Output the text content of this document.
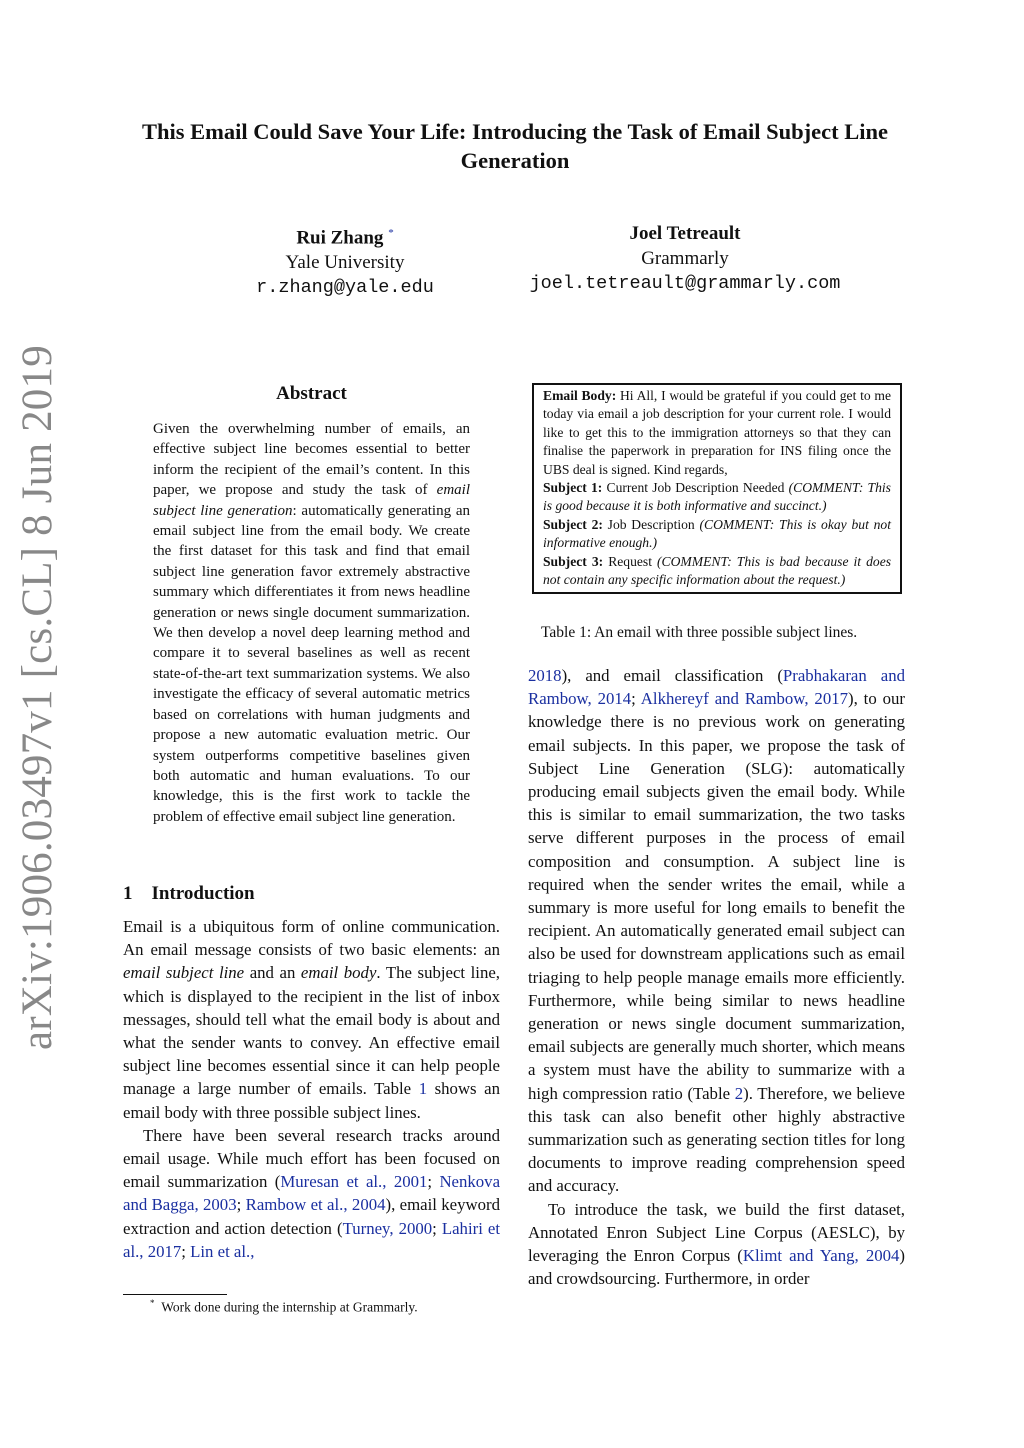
arXiv:1906.03497v1 [cs.CL] 8 Jun 2019
This Email Could Save Your Life: Introducing the Task of Email Subject Line Generation
Rui Zhang *
Yale University
r.zhang@yale.edu
Joel Tetreault
Grammarly
joel.tetreault@grammarly.com
Abstract
Given the overwhelming number of emails, an effective subject line becomes essential to better inform the recipient of the email’s content. In this paper, we propose and study the task of email subject line generation: automatically generating an email subject line from the email body. We create the first dataset for this task and find that email subject line generation favor extremely abstractive summary which differentiates it from news headline generation or news single document summarization. We then develop a novel deep learning method and compare it to several baselines as well as recent state-of-the-art text summarization systems. We also investigate the efficacy of several automatic metrics based on correlations with human judgments and propose a new automatic evaluation metric. Our system outperforms competitive baselines given both automatic and human evaluations. To our knowledge, this is the first work to tackle the problem of effective email subject line generation.
1 Introduction

Email is a ubiquitous form of online communication. An email message consists of two basic elements: an email subject line and an email body. The subject line, which is displayed to the recipient in the list of inbox messages, should tell what the email body is about and what the sender wants to convey. An effective email subject line becomes essential since it can help people manage a large number of emails. Table 1 shows an email body with three possible subject lines.

There have been several research tracks around email usage. While much effort has been focused on email summarization (Muresan et al., 2001; Nenkova and Bagga, 2003; Rambow et al., 2004), email keyword extraction and action detection (Turney, 2000; Lahiri et al., 2017; Lin et al.,

* Work done during the internship at Grammarly.

Email Body: Hi All, I would be grateful if you could get to me today via email a job description for your current role. I would like to get this to the immigration attorneys so that they can finalise the paperwork in preparation for INS filing once the UBS deal is signed. Kind regards,

Subject 1: Current Job Description Needed (COMMENT: This is good because it is both informative and succinct.)

Subject 2: Job Description (COMMENT: This is okay but not informative enough.)

Subject 3: Request (COMMENT: This is bad because it does not contain any specific information about the request.)

Table 1: An email with three possible subject lines.

2018), and email classification (Prabhakaran and Rambow, 2014; Alkhereyf and Rambow, 2017), to our knowledge there is no previous work on generating email subjects. In this paper, we propose the task of Subject Line Generation (SLG): automatically producing email subjects given the email body. While this is similar to email summarization, the two tasks serve different purposes in the process of email composition and consumption. A subject line is required when the sender writes the email, while a summary is more useful for long emails to benefit the recipient. An automatically generated email subject can also be used for downstream applications such as email triaging to help people manage emails more efficiently. Furthermore, while being similar to news headline generation or news single document summarization, email subjects are generally much shorter, which means a system must have the ability to summarize with a high compression ratio (Table 2). Therefore, we believe this task can also benefit other highly abstractive summarization such as generating section titles for long documents to improve reading comprehension speed and accuracy.

To introduce the task, we build the first dataset, Annotated Enron Subject Line Corpus (AESLC), by leveraging the Enron Corpus (Klimt and Yang, 2004) and crowdsourcing. Furthermore, in order
